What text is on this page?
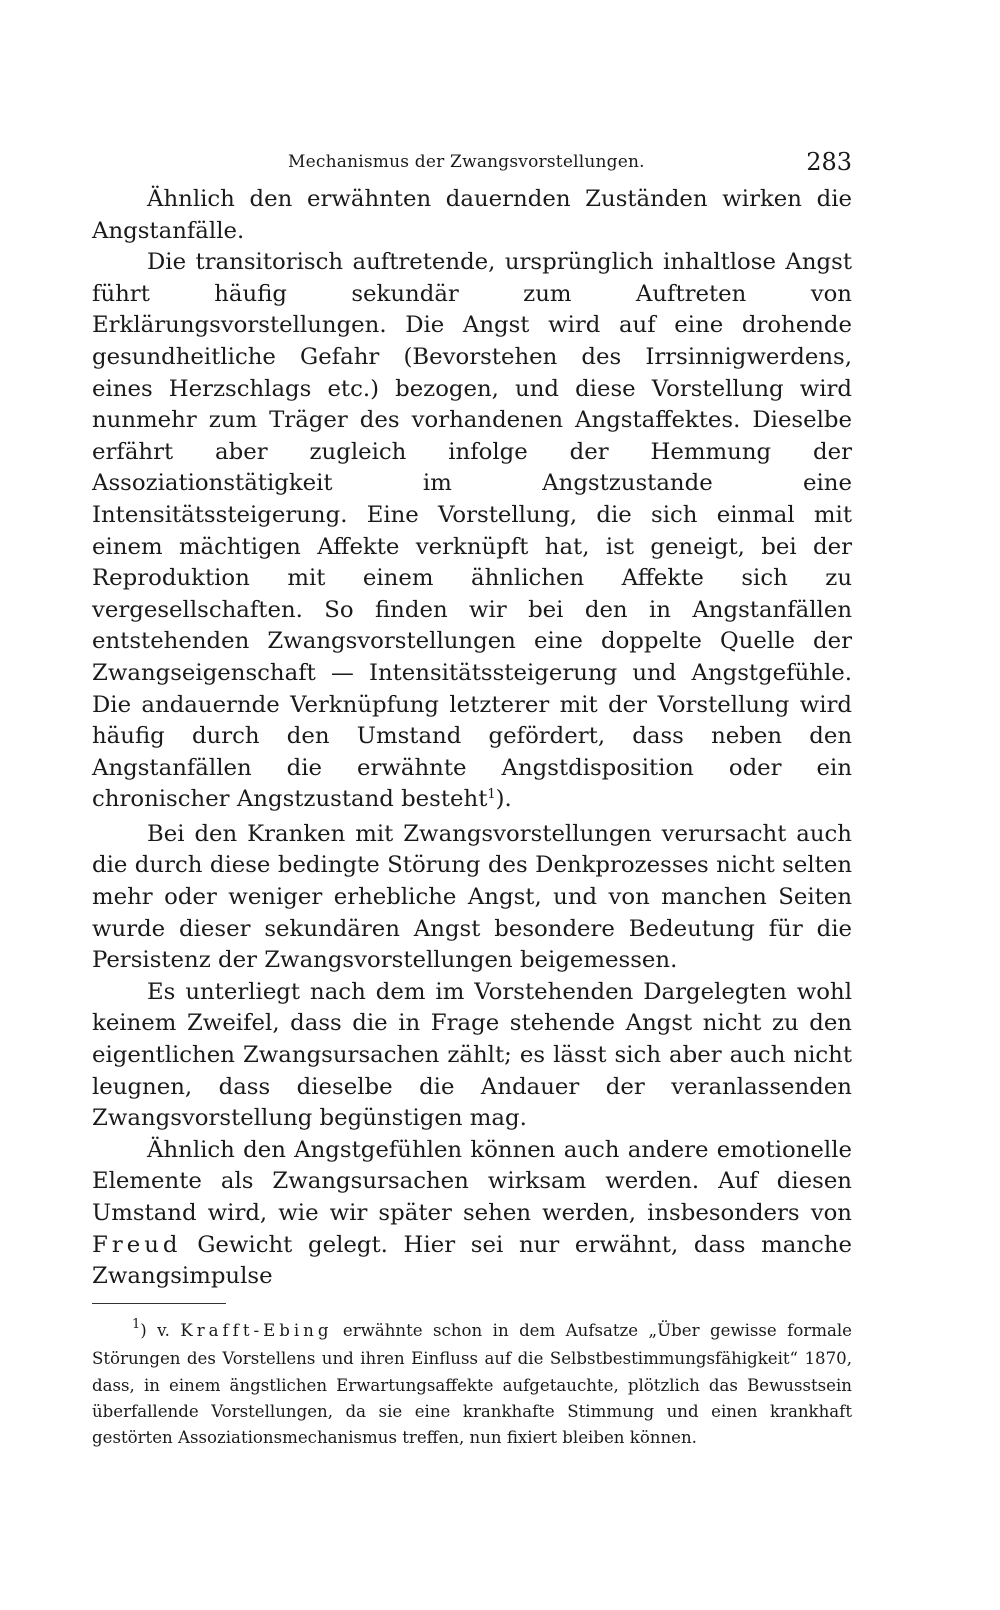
Mechanismus der Zwangsvorstellungen.	283

Ähnlich den erwähnten dauernden Zuständen wirken die Angstanfälle.

Die transitorisch auftretende, ursprünglich inhaltlose Angst führt häufig sekundär zum Auftreten von Erklärungsvorstellungen. Die Angst wird auf eine drohende gesundheitliche Gefahr (Bevorstehen des Irrsinnigwerdens, eines Herzschlags etc.) bezogen, und diese Vorstellung wird nunmehr zum Träger des vorhandenen Angstaffektes. Dieselbe erfährt aber zugleich infolge der Hemmung der Assoziationstätigkeit im Angstzustande eine Intensitätssteigerung. Eine Vorstellung, die sich einmal mit einem mächtigen Affekte verknüpft hat, ist geneigt, bei der Reproduktion mit einem ähnlichen Affekte sich zu vergesellschaften. So finden wir bei den in Angstanfällen entstehenden Zwangsvorstellungen eine doppelte Quelle der Zwangseigenschaft — Intensitätssteigerung und Angstgefühle. Die andauernde Verknüpfung letzterer mit der Vorstellung wird häufig durch den Umstand gefördert, dass neben den Angstanfällen die erwähnte Angstdisposition oder ein chronischer Angstzustand besteht$^1$).

Bei den Kranken mit Zwangsvorstellungen verursacht auch die durch diese bedingte Störung des Denkprozesses nicht selten mehr oder weniger erhebliche Angst, und von manchen Seiten wurde dieser sekundären Angst besondere Bedeutung für die Persistenz der Zwangsvorstellungen beigemessen.

Es unterliegt nach dem im Vorstehenden Dargelegten wohl keinem Zweifel, dass die in Frage stehende Angst nicht zu den eigentlichen Zwangsursachen zählt; es lässt sich aber auch nicht leugnen, dass dieselbe die Andauer der veranlassenden Zwangsvorstellung begünstigen mag.

Ähnlich den Angstgefühlen können auch andere emotionelle Elemente als Zwangsursachen wirksam werden. Auf diesen Umstand wird, wie wir später sehen werden, insbesonders von Freud Gewicht gelegt. Hier sei nur erwähnt, dass manche Zwangsimpulse

$^1$) v. Krafft-Ebing erwähnte schon in dem Aufsatze „Über gewisse formale Störungen des Vorstellens und ihren Einfluss auf die Selbstbestimmungsfähigkeit“ 1870, dass, in einem ängstlichen Erwartungsaffekte aufgetauchte, plötzlich das Bewusstsein überfallende Vorstellungen, da sie eine krankhafte Stimmung und einen krankhaft gestörten Assoziationsmechanismus treffen, nun fixiert bleiben können.
